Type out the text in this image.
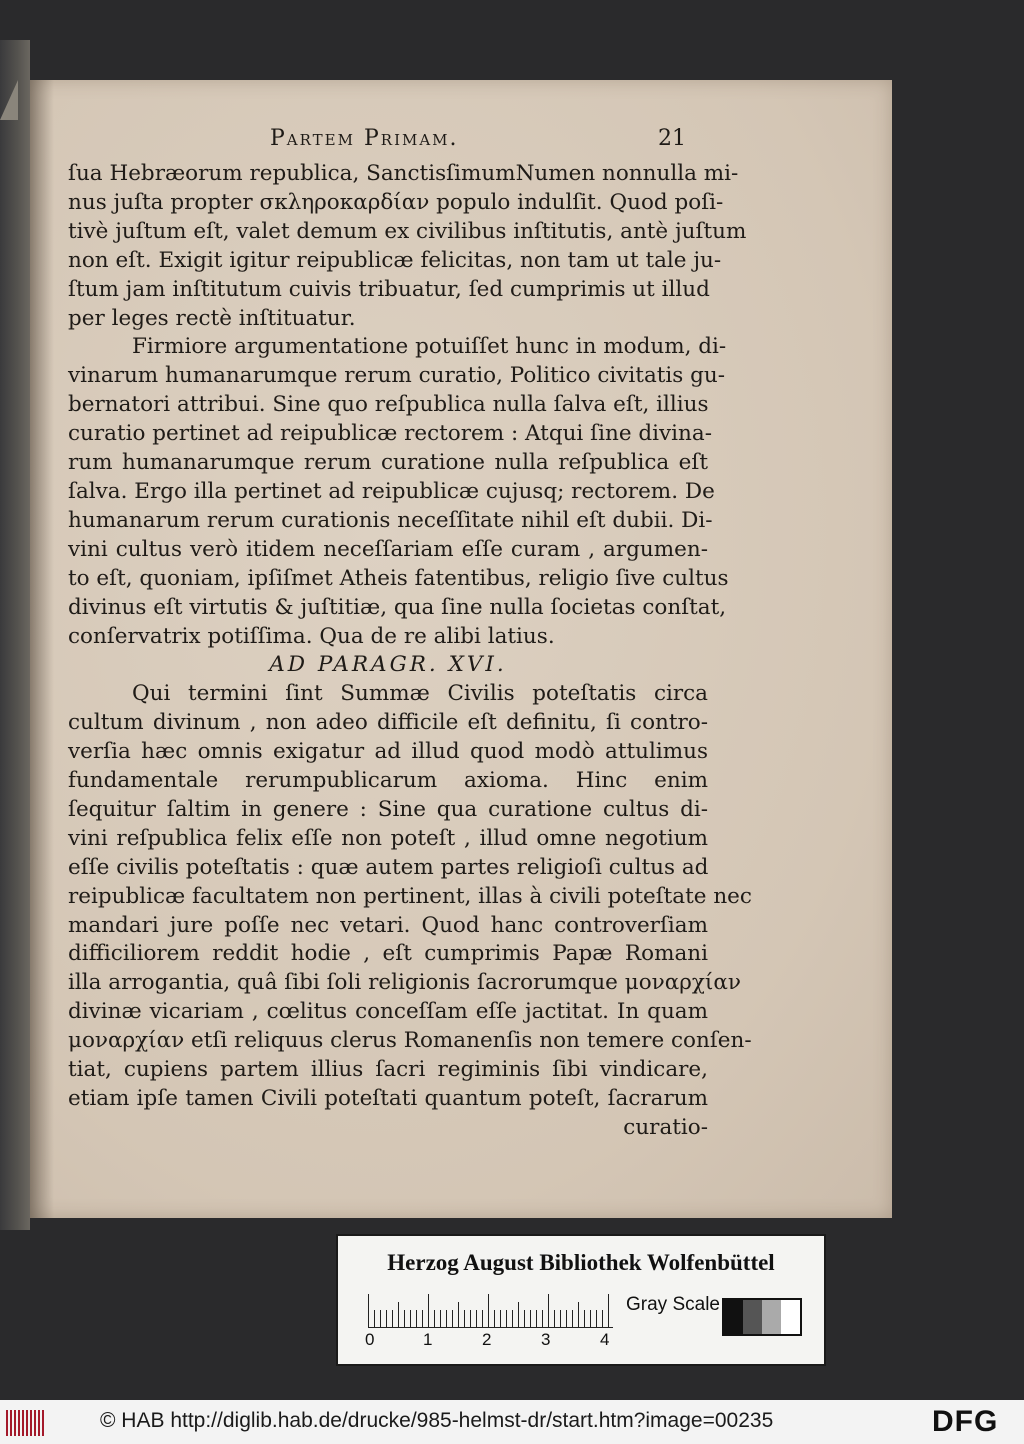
Partem Primam.	21
ſua Hebræorum republica, SanctisſimumNumen nonnulla mi-
nus juſta propter σκληροκαρδίαν populo indulſit. Quod poſi-
tivè juſtum eſt, valet demum ex civilibus inſtitutis, antè juſtum
non eſt. Exigit igitur reipublicæ felicitas, non tam ut tale ju-
ſtum jam inſtitutum cuivis tribuatur, ſed cumprimis ut illud
per leges rectè inſtituatur.
Firmiore argumentatione potuiſſet hunc in modum, di-
vinarum humanarumque rerum curatio, Politico civitatis gu-
bernatori attribui. Sine quo reſpublica nulla ſalva eſt, illius
curatio pertinet ad reipublicæ rectorem : Atqui ſine divina-
rum humanarumque rerum curatione nulla reſpublica eſt
ſalva. Ergo illa pertinet ad reipublicæ cujusq; rectorem. De
humanarum rerum curationis neceſſitate nihil eſt dubii. Di-
vini cultus verò itidem neceſſariam eſſe curam , argumen-
to eſt, quoniam, ipſiſmet Atheis fatentibus, religio ſive cultus
divinus eſt virtutis & juſtitiæ, qua ſine nulla ſocietas conſtat,
conſervatrix potiſſima. Qua de re alibi latius.
AD PARAGR. XVI.
Qui termini ſint Summæ Civilis poteſtatis circa
cultum divinum , non adeo difficile eſt definitu, ſi contro-
verſia hæc omnis exigatur ad illud quod modò attulimus
fundamentale rerumpublicarum axioma. Hinc enim
ſequitur ſaltim in genere : Sine qua curatione cultus di-
vini reſpublica felix eſſe non poteſt , illud omne negotium
eſſe civilis poteſtatis : quæ autem partes religioſi cultus ad
reipublicæ facultatem non pertinent, illas à civili poteſtate nec
mandari jure poſſe nec vetari. Quod hanc controverſiam
difficiliorem reddit hodie , eſt cumprimis Papæ Romani
illa arrogantia, quâ ſibi ſoli religionis ſacrorumque μοναρχίαν
divinæ vicariam , cœlitus conceſſam eſſe jactitat. In quam
μοναρχίαν etſi reliquus clerus Romanenſis non temere conſen-
tiat, cupiens partem illius ſacri regiminis ſibi vindicare,
etiam ipſe tamen Civili poteſtati quantum poteſt, ſacrarum
curatio-
Herzog August Bibliothek Wolfenbüttel
0	1	2	3	4
Gray Scale
© HAB http://diglib.hab.de/drucke/985-helmst-dr/start.htm?image=00235	DFG
